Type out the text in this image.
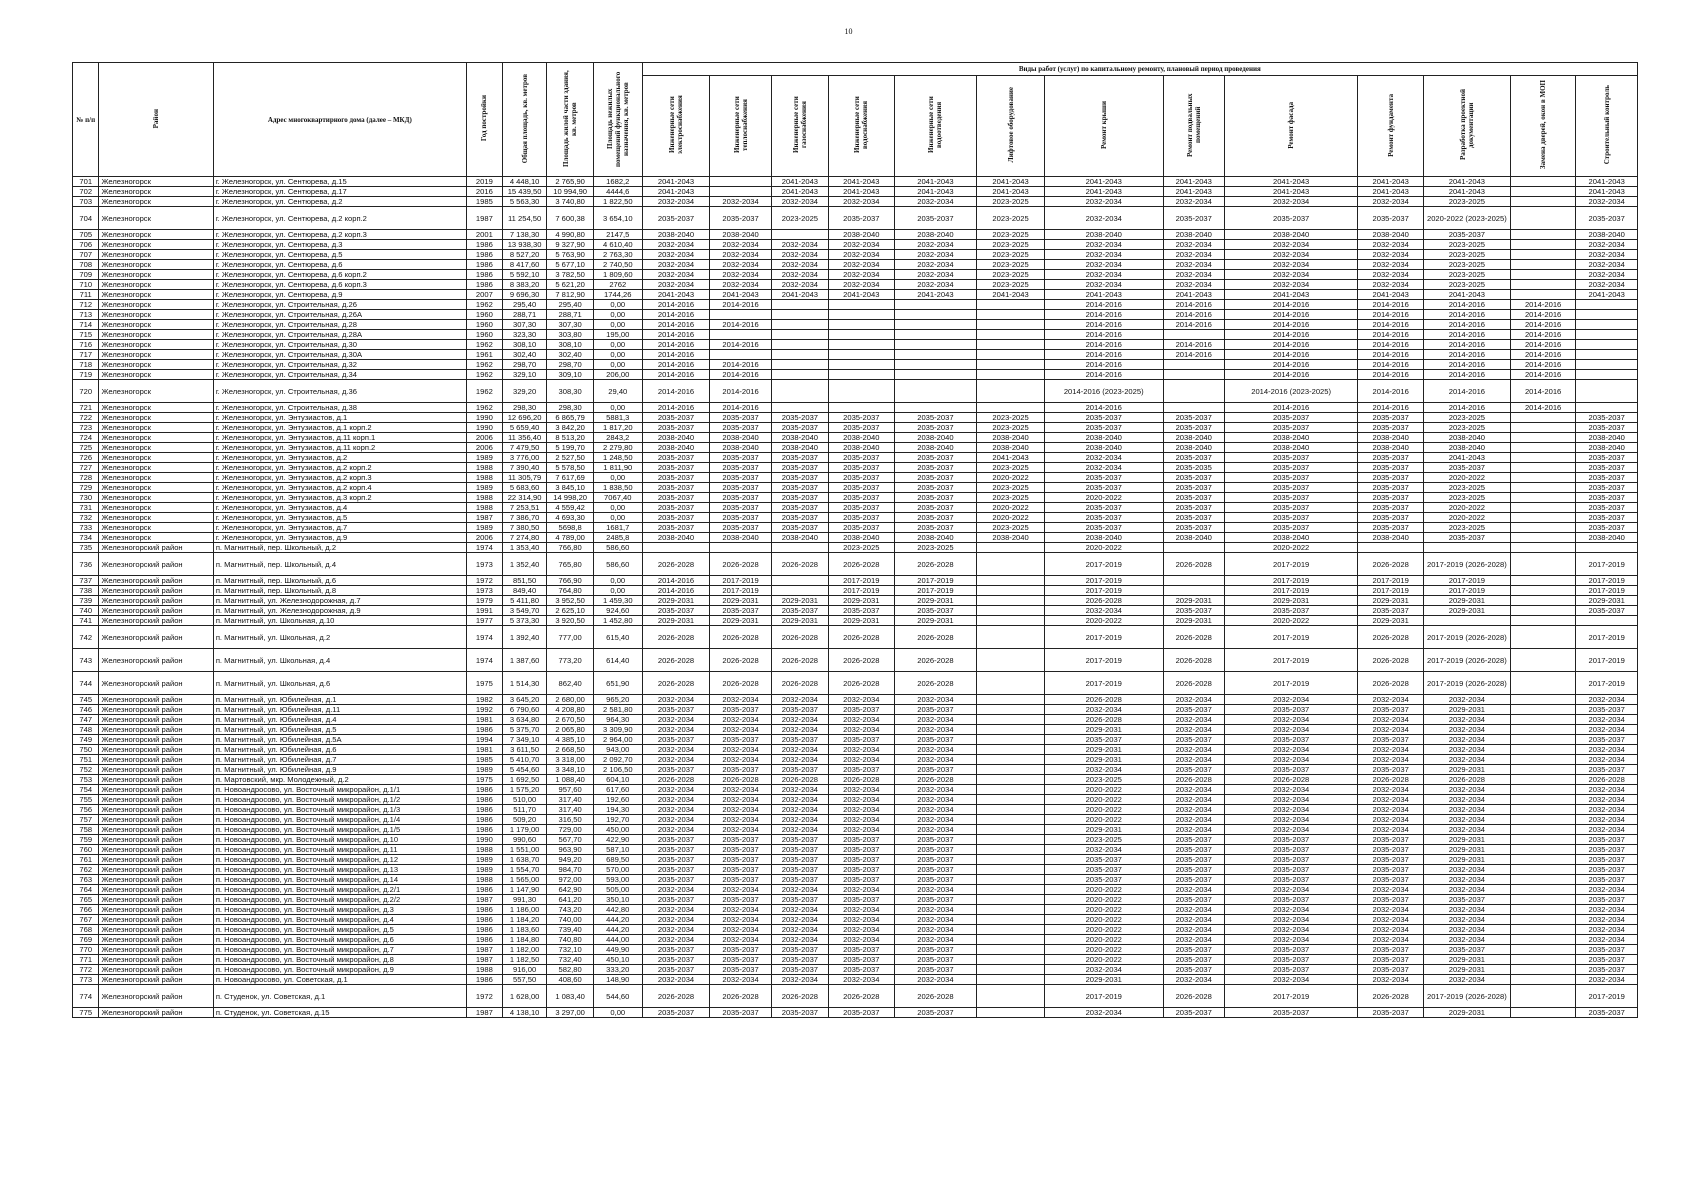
10
№ п/п	Район	Адрес многоквартирного дома (далее – МКД)	Год постройки	Общая площадь, кв. метров	Площадь жилой части здания, кв. метров	Площадь нежилых помещений функционального назначения, кв. метров	Виды работ (услуг) по капитальному ремонту, плановый период проведения												
							Инженерные сети электроснабжения	Инженерные сети теплоснабжения	Инженерные сети газоснабжения	Инженерные сети водоснабжения	Инженерные сети водоотведения	Лифтовое оборудование	Ремонт крыши	Ремонт подвальных помещений	Ремонт фасада	Ремонт фундамента	Разработка проектной документации	Замена дверей, окон в МОП	Строительный контроль
701	Железногорск	г. Железногорск, ул. Сентюрева, д.15	2019	4 448,10	2 765,90	1682,2	2041-2043		2041-2043	2041-2043	2041-2043	2041-2043	2041-2043	2041-2043	2041-2043	2041-2043	2041-2043		2041-2043
702	Железногорск	г. Железногорск, ул. Сентюрева, д.17	2016	15 439,50	10 994,90	4444,6	2041-2043		2041-2043	2041-2043	2041-2043	2041-2043	2041-2043	2041-2043	2041-2043	2041-2043	2041-2043		2041-2043
703	Железногорск	г. Железногорск, ул. Сентюрева, д.2	1985	5 563,30	3 740,80	1 822,50	2032-2034	2032-2034	2032-2034	2032-2034	2032-2034	2023-2025	2032-2034	2032-2034	2032-2034	2032-2034	2023-2025		2032-2034
704	Железногорск	г. Железногорск, ул. Сентюрева, д.2 корп.2	1987	11 254,50	7 600,38	3 654,10	2035-2037	2035-2037	2023-2025	2035-2037	2035-2037	2023-2025	2032-2034	2035-2037	2035-2037	2035-2037	2020-2022 (2023-2025)		2035-2037
705	Железногорск	г. Железногорск, ул. Сентюрева, д.2 корп.3	2001	7 138,30	4 990,80	2147,5	2038-2040	2038-2040		2038-2040	2038-2040	2023-2025	2038-2040	2038-2040	2038-2040	2038-2040	2035-2037		2038-2040
706	Железногорск	г. Железногорск, ул. Сентюрева, д.3	1986	13 938,30	9 327,90	4 610,40	2032-2034	2032-2034	2032-2034	2032-2034	2032-2034	2023-2025	2032-2034	2032-2034	2032-2034	2032-2034	2023-2025		2032-2034
707	Железногорск	г. Железногорск, ул. Сентюрева, д.5	1986	8 527,20	5 763,90	2 763,30	2032-2034	2032-2034	2032-2034	2032-2034	2032-2034	2023-2025	2032-2034	2032-2034	2032-2034	2032-2034	2023-2025		2032-2034
708	Железногорск	г. Железногорск, ул. Сентюрева, д.6	1986	8 417,60	5 677,10	2 740,50	2032-2034	2032-2034	2032-2034	2032-2034	2032-2034	2023-2025	2032-2034	2032-2034	2032-2034	2032-2034	2023-2025		2032-2034
709	Железногорск	г. Железногорск, ул. Сентюрева, д.6 корп.2	1986	5 592,10	3 782,50	1 809,60	2032-2034	2032-2034	2032-2034	2032-2034	2032-2034	2023-2025	2032-2034	2032-2034	2032-2034	2032-2034	2023-2025		2032-2034
710	Железногорск	г. Железногорск, ул. Сентюрева, д.6 корп.3	1986	8 383,20	5 621,20	2762	2032-2034	2032-2034	2032-2034	2032-2034	2032-2034	2023-2025	2032-2034	2032-2034	2032-2034	2032-2034	2023-2025		2032-2034
711	Железногорск	г. Железногорск, ул. Сентюрева, д.9	2007	9 696,30	7 812,90	1744,26	2041-2043	2041-2043	2041-2043	2041-2043	2041-2043	2041-2043	2041-2043	2041-2043	2041-2043	2041-2043	2041-2043		2041-2043
712	Железногорск	г. Железногорск, ул. Строительная, д.26	1962	295,40	295,40	0,00	2014-2016	2014-2016					2014-2016	2014-2016	2014-2016	2014-2016	2014-2016	2014-2016	
713	Железногорск	г. Железногорск, ул. Строительная, д.26А	1960	288,71	288,71	0,00	2014-2016						2014-2016	2014-2016	2014-2016	2014-2016	2014-2016	2014-2016	
714	Железногорск	г. Железногорск, ул. Строительная, д.28	1960	307,30	307,30	0,00	2014-2016	2014-2016					2014-2016	2014-2016	2014-2016	2014-2016	2014-2016	2014-2016	
715	Железногорск	г. Железногорск, ул. Строительная, д.28А	1960	323,30	303,80	195,00	2014-2016						2014-2016		2014-2016	2014-2016	2014-2016	2014-2016	
716	Железногорск	г. Железногорск, ул. Строительная, д.30	1962	308,10	308,10	0,00	2014-2016	2014-2016					2014-2016	2014-2016	2014-2016	2014-2016	2014-2016	2014-2016	
717	Железногорск	г. Железногорск, ул. Строительная, д.30А	1961	302,40	302,40	0,00	2014-2016						2014-2016	2014-2016	2014-2016	2014-2016	2014-2016	2014-2016	
718	Железногорск	г. Железногорск, ул. Строительная, д.32	1962	298,70	298,70	0,00	2014-2016	2014-2016					2014-2016		2014-2016	2014-2016	2014-2016	2014-2016	
719	Железногорск	г. Железногорск, ул. Строительная, д.34	1962	329,10	309,10	206,00	2014-2016	2014-2016					2014-2016		2014-2016	2014-2016	2014-2016	2014-2016	
720	Железногорск	г. Железногорск, ул. Строительная, д.36	1962	329,20	308,30	29,40	2014-2016	2014-2016					2014-2016 (2023-2025)		2014-2016 (2023-2025)	2014-2016	2014-2016	2014-2016	
721	Железногорск	г. Железногорск, ул. Строительная, д.38	1962	298,30	298,30	0,00	2014-2016	2014-2016					2014-2016		2014-2016	2014-2016	2014-2016	2014-2016	
722	Железногорск	г. Железногорск, ул. Энтузиастов, д.1	1990	12 696,20	6 865,79	5881,3	2035-2037	2035-2037	2035-2037	2035-2037	2035-2037	2023-2025	2035-2037	2035-2037	2035-2037	2035-2037	2023-2025		2035-2037
723	Железногорск	г. Железногорск, ул. Энтузиастов, д.1 корп.2	1990	5 659,40	3 842,20	1 817,20	2035-2037	2035-2037	2035-2037	2035-2037	2035-2037	2023-2025	2035-2037	2035-2037	2035-2037	2035-2037	2023-2025		2035-2037
724	Железногорск	г. Железногорск, ул. Энтузиастов, д.11 корп.1	2006	11 356,40	8 513,20	2843,2	2038-2040	2038-2040	2038-2040	2038-2040	2038-2040	2038-2040	2038-2040	2038-2040	2038-2040	2038-2040	2038-2040		2038-2040
725	Железногорск	г. Железногорск, ул. Энтузиастов, д.11 корп.2	2006	7 479,50	5 199,70	2 279,80	2038-2040	2038-2040	2038-2040	2038-2040	2038-2040	2038-2040	2038-2040	2038-2040	2038-2040	2038-2040	2038-2040		2038-2040
726	Железногорск	г. Железногорск, ул. Энтузиастов, д.2	1989	3 776,00	2 527,50	1 248,50	2035-2037	2035-2037	2035-2037	2035-2037	2035-2037	2041-2043	2032-2034	2035-2037	2035-2037	2035-2037	2041-2043		2035-2037
727	Железногорск	г. Железногорск, ул. Энтузиастов, д.2 корп.2	1988	7 390,40	5 578,50	1 811,90	2035-2037	2035-2037	2035-2037	2035-2037	2035-2037	2023-2025	2032-2034	2035-2035	2035-2037	2035-2037	2035-2037		2035-2037
728	Железногорск	г. Железногорск, ул. Энтузиастов, д.2 корп.3	1988	11 305,79	7 617,69	0,00	2035-2037	2035-2037	2035-2037	2035-2037	2035-2037	2020-2022	2035-2037	2035-2037	2035-2037	2035-2037	2020-2022		2035-2037
729	Железногорск	г. Железногорск, ул. Энтузиастов, д.2 корп.4	1989	5 683,60	3 845,10	1 838,50	2035-2037	2035-2037	2035-2037	2035-2037	2035-2037	2023-2025	2035-2037	2035-2037	2035-2037	2035-2037	2023-2025		2035-2037
730	Железногорск	г. Железногорск, ул. Энтузиастов, д.3 корп.2	1988	22 314,90	14 998,20	7067,40	2035-2037	2035-2037	2035-2037	2035-2037	2035-2037	2023-2025	2020-2022	2035-2037	2035-2037	2035-2037	2023-2025		2035-2037
731	Железногорск	г. Железногорск, ул. Энтузиастов, д.4	1988	7 253,51	4 559,42	0,00	2035-2037	2035-2037	2035-2037	2035-2037	2035-2037	2020-2022	2035-2037	2035-2037	2035-2037	2035-2037	2020-2022		2035-2037
732	Железногорск	г. Железногорск, ул. Энтузиастов, д.5	1987	7 386,70	4 693,30	0,00	2035-2037	2035-2037	2035-2037	2035-2037	2035-2037	2020-2022	2035-2037	2035-2037	2035-2037	2035-2037	2020-2022		2035-2037
733	Железногорск	г. Железногорск, ул. Энтузиастов, д.7	1989	7 380,50	5698,8	1681,7	2035-2037	2035-2037	2035-2037	2035-2037	2035-2037	2023-2025	2035-2037	2035-2037	2035-2037	2035-2037	2023-2025		2035-2037
734	Железногорск	г. Железногорск, ул. Энтузиастов, д.9	2006	7 274,80	4 789,00	2485,8	2038-2040	2038-2040	2038-2040	2038-2040	2038-2040	2038-2040	2038-2040	2038-2040	2038-2040	2038-2040	2035-2037		2038-2040
735	Железногорский район	п. Магнитный, пер. Школьный, д.2	1974	1 353,40	766,80	586,60				2023-2025	2023-2025		2020-2022		2020-2022				
736	Железногорский район	п. Магнитный, пер. Школьный, д.4	1973	1 352,40	765,80	586,60	2026-2028	2026-2028	2026-2028	2026-2028	2026-2028		2017-2019	2026-2028	2017-2019	2026-2028	2017-2019 (2026-2028)		2017-2019
737	Железногорский район	п. Магнитный, пер. Школьный, д.6	1972	851,50	766,90	0,00	2014-2016	2017-2019		2017-2019	2017-2019		2017-2019		2017-2019	2017-2019	2017-2019		2017-2019
738	Железногорский район	п. Магнитный, пер. Школьный, д.8	1973	849,40	764,80	0,00	2014-2016	2017-2019		2017-2019	2017-2019		2017-2019		2017-2019	2017-2019	2017-2019		2017-2019
739	Железногорский район	п. Магнитный, ул. Железнодорожная, д.7	1979	5 411,80	3 952,50	1 459,30	2029-2031	2029-2031	2029-2031	2029-2031	2029-2031		2026-2028	2029-2031	2029-2031	2029-2031	2029-2031		2029-2031
740	Железногорский район	п. Магнитный, ул. Железнодорожная, д.9	1991	3 549,70	2 625,10	924,60	2035-2037	2035-2037	2035-2037	2035-2037	2035-2037		2032-2034	2035-2037	2035-2037	2035-2037	2029-2031		2035-2037
741	Железногорский район	п. Магнитный, ул. Школьная, д.10	1977	5 373,30	3 920,50	1 452,80	2029-2031	2029-2031	2029-2031	2029-2031	2029-2031		2020-2022	2029-2031	2020-2022	2029-2031			
742	Железногорский район	п. Магнитный, ул. Школьная, д.2	1974	1 392,40	777,00	615,40	2026-2028	2026-2028	2026-2028	2026-2028	2026-2028		2017-2019	2026-2028	2017-2019	2026-2028	2017-2019 (2026-2028)		2017-2019
743	Железногорский район	п. Магнитный, ул. Школьная, д.4	1974	1 387,60	773,20	614,40	2026-2028	2026-2028	2026-2028	2026-2028	2026-2028		2017-2019	2026-2028	2017-2019	2026-2028	2017-2019 (2026-2028)		2017-2019
744	Железногорский район	п. Магнитный, ул. Школьная, д.6	1975	1 514,30	862,40	651,90	2026-2028	2026-2028	2026-2028	2026-2028	2026-2028		2017-2019	2026-2028	2017-2019	2026-2028	2017-2019 (2026-2028)		2017-2019
745	Железногорский район	п. Магнитный, ул. Юбилейная, д.1	1982	3 645,20	2 680,00	965,20	2032-2034	2032-2034	2032-2034	2032-2034	2032-2034		2026-2028	2032-2034	2032-2034	2032-2034	2032-2034		2032-2034
746	Железногорский район	п. Магнитный, ул. Юбилейная, д.11	1992	6 790,60	4 208,80	2 581,80	2035-2037	2035-2037	2035-2037	2035-2037	2035-2037		2032-2034	2035-2037	2035-2037	2035-2037	2029-2031		2035-2037
747	Железногорский район	п. Магнитный, ул. Юбилейная, д.4	1981	3 634,80	2 670,50	964,30	2032-2034	2032-2034	2032-2034	2032-2034	2032-2034		2026-2028	2032-2034	2032-2034	2032-2034	2032-2034		2032-2034
748	Железногорский район	п. Магнитный, ул. Юбилейная, д.5	1986	5 375,70	2 065,80	3 309,90	2032-2034	2032-2034	2032-2034	2032-2034	2032-2034		2029-2031	2032-2034	2032-2034	2032-2034	2032-2034		2032-2034
749	Железногорский район	п. Магнитный, ул. Юбилейная, д.5А	1994	7 349,10	4 385,10	2 964,00	2035-2037	2035-2037	2035-2037	2035-2037	2035-2037		2035-2037	2035-2037	2035-2037	2035-2037	2032-2034		2035-2037
750	Железногорский район	п. Магнитный, ул. Юбилейная, д.6	1981	3 611,50	2 668,50	943,00	2032-2034	2032-2034	2032-2034	2032-2034	2032-2034		2029-2031	2032-2034	2032-2034	2032-2034	2032-2034		2032-2034
751	Железногорский район	п. Магнитный, ул. Юбилейная, д.7	1985	5 410,70	3 318,00	2 092,70	2032-2034	2032-2034	2032-2034	2032-2034	2032-2034		2029-2031	2032-2034	2032-2034	2032-2034	2032-2034		2032-2034
752	Железногорский район	п. Магнитный, ул. Юбилейная, д.9	1989	5 454,60	3 348,10	2 106,50	2035-2037	2035-2037	2035-2037	2035-2037	2035-2037		2032-2034	2035-2037	2035-2037	2035-2037	2029-2031		2035-2037
753	Железногорский район	п. Мартовский, мкр. Молодежный, д.2	1975	1 692,50	1 088,40	604,10	2026-2028	2026-2028	2026-2028	2026-2028	2026-2028		2023-2025	2026-2028	2026-2028	2026-2028	2026-2028		2026-2028
754	Железногорский район	п. Новоандросово, ул. Восточный микрорайон, д.1/1	1986	1 575,20	957,60	617,60	2032-2034	2032-2034	2032-2034	2032-2034	2032-2034		2020-2022	2032-2034	2032-2034	2032-2034	2032-2034		2032-2034
755	Железногорский район	п. Новоандросово, ул. Восточный микрорайон, д.1/2	1986	510,00	317,40	192,60	2032-2034	2032-2034	2032-2034	2032-2034	2032-2034		2020-2022	2032-2034	2032-2034	2032-2034	2032-2034		2032-2034
756	Железногорский район	п. Новоандросово, ул. Восточный микрорайон, д.1/3	1986	511,70	317,40	194,30	2032-2034	2032-2034	2032-2034	2032-2034	2032-2034		2020-2022	2032-2034	2032-2034	2032-2034	2032-2034		2032-2034
757	Железногорский район	п. Новоандросово, ул. Восточный микрорайон, д.1/4	1986	509,20	316,50	192,70	2032-2034	2032-2034	2032-2034	2032-2034	2032-2034		2020-2022	2032-2034	2032-2034	2032-2034	2032-2034		2032-2034
758	Железногорский район	п. Новоандросово, ул. Восточный микрорайон, д.1/5	1986	1 179,00	729,00	450,00	2032-2034	2032-2034	2032-2034	2032-2034	2032-2034		2029-2031	2032-2034	2032-2034	2032-2034	2032-2034		2032-2034
759	Железногорский район	п. Новоандросово, ул. Восточный микрорайон, д.10	1990	990,60	567,70	422,90	2035-2037	2035-2037	2035-2037	2035-2037	2035-2037		2023-2025	2035-2037	2035-2037	2035-2037	2029-2031		2035-2037
760	Железногорский район	п. Новоандросово, ул. Восточный микрорайон, д.11	1988	1 551,00	963,90	587,10	2035-2037	2035-2037	2035-2037	2035-2037	2035-2037		2032-2034	2035-2037	2035-2037	2035-2037	2029-2031		2035-2037
761	Железногорский район	п. Новоандросово, ул. Восточный микрорайон, д.12	1989	1 638,70	949,20	689,50	2035-2037	2035-2037	2035-2037	2035-2037	2035-2037		2035-2037	2035-2037	2035-2037	2035-2037	2029-2031		2035-2037
762	Железногорский район	п. Новоандросово, ул. Восточный микрорайон, д.13	1989	1 554,70	984,70	570,00	2035-2037	2035-2037	2035-2037	2035-2037	2035-2037		2035-2037	2035-2037	2035-2037	2035-2037	2032-2034		2035-2037
763	Железногорский район	п. Новоандросово, ул. Восточный микрорайон, д.14	1988	1 565,00	972,00	593,00	2035-2037	2035-2037	2035-2037	2035-2037	2035-2037		2035-2037	2035-2037	2035-2037	2035-2037	2032-2034		2035-2037
764	Железногорский район	п. Новоандросово, ул. Восточный микрорайон, д.2/1	1986	1 147,90	642,90	505,00	2032-2034	2032-2034	2032-2034	2032-2034	2032-2034		2020-2022	2032-2034	2032-2034	2032-2034	2032-2034		2032-2034
765	Железногорский район	п. Новоандросово, ул. Восточный микрорайон, д.2/2	1987	991,30	641,20	350,10	2035-2037	2035-2037	2035-2037	2035-2037	2035-2037		2020-2022	2035-2037	2035-2037	2035-2037	2035-2037		2035-2037
766	Железногорский район	п. Новоандросово, ул. Восточный микрорайон, д.3	1986	1 186,00	743,20	442,80	2032-2034	2032-2034	2032-2034	2032-2034	2032-2034		2020-2022	2032-2034	2032-2034	2032-2034	2032-2034		2032-2034
767	Железногорский район	п. Новоандросово, ул. Восточный микрорайон, д.4	1986	1 184,20	740,00	444,20	2032-2034	2032-2034	2032-2034	2032-2034	2032-2034		2020-2022	2032-2034	2032-2034	2032-2034	2032-2034		2032-2034
768	Железногорский район	п. Новоандросово, ул. Восточный микрорайон, д.5	1986	1 183,60	739,40	444,20	2032-2034	2032-2034	2032-2034	2032-2034	2032-2034		2020-2022	2032-2034	2032-2034	2032-2034	2032-2034		2032-2034
769	Железногорский район	п. Новоандросово, ул. Восточный микрорайон, д.6	1986	1 184,80	740,80	444,00	2032-2034	2032-2034	2032-2034	2032-2034	2032-2034		2020-2022	2032-2034	2032-2034	2032-2034	2032-2034		2032-2034
770	Железногорский район	п. Новоандросово, ул. Восточный микрорайон, д.7	1987	1 182,00	732,10	449,90	2035-2037	2035-2037	2035-2037	2035-2037	2035-2037		2020-2022	2035-2037	2035-2037	2035-2037	2035-2037		2035-2037
771	Железногорский район	п. Новоандросово, ул. Восточный микрорайон, д.8	1987	1 182,50	732,40	450,10	2035-2037	2035-2037	2035-2037	2035-2037	2035-2037		2020-2022	2035-2037	2035-2037	2035-2037	2029-2031		2035-2037
772	Железногорский район	п. Новоандросово, ул. Восточный микрорайон, д.9	1988	916,00	582,80	333,20	2035-2037	2035-2037	2035-2037	2035-2037	2035-2037		2032-2034	2035-2037	2035-2037	2035-2037	2029-2031		2035-2037
773	Железногорский район	п. Новоандросово, ул. Советская, д.1	1986	557,50	408,60	148,90	2032-2034	2032-2034	2032-2034	2032-2034	2032-2034		2029-2031	2032-2034	2032-2034	2032-2034	2032-2034		2032-2034
774	Железногорский район	п. Студенок, ул. Советская, д.1	1972	1 628,00	1 083,40	544,60	2026-2028	2026-2028	2026-2028	2026-2028	2026-2028		2017-2019	2026-2028	2017-2019	2026-2028	2017-2019 (2026-2028)		2017-2019
775	Железногорский район	п. Студенок, ул. Советская, д.15	1987	4 138,10	3 297,00	0,00	2035-2037	2035-2037	2035-2037	2035-2037	2035-2037		2032-2034	2035-2037	2035-2037	2035-2037	2029-2031		2035-2037
